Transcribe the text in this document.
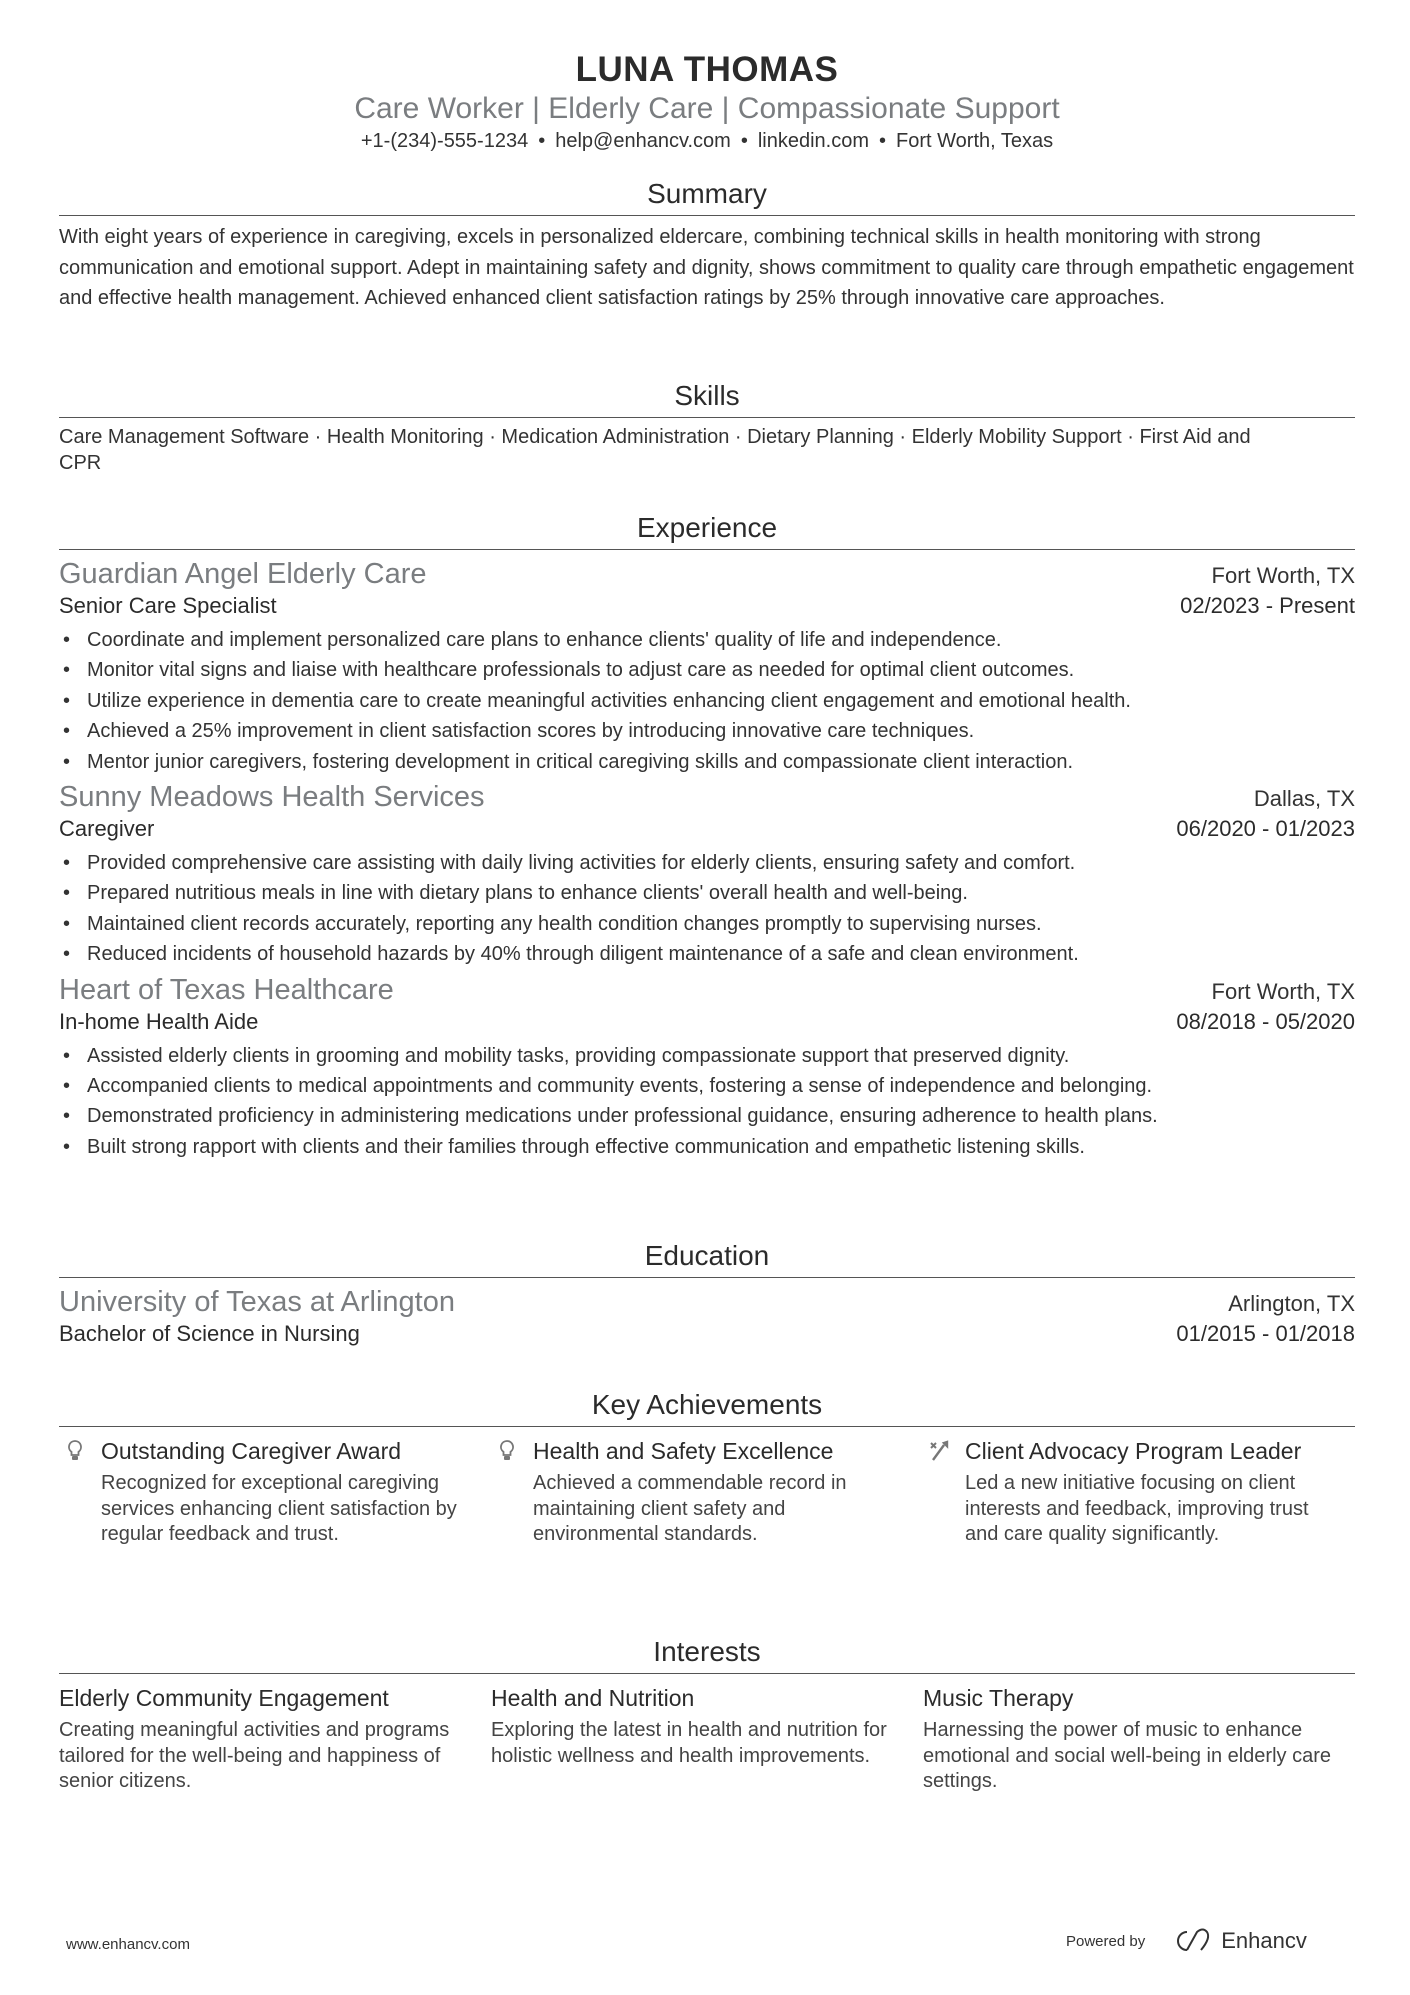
LUNA THOMAS
Care Worker | Elderly Care | Compassionate Support
+1-(234)-555-1234 • help@enhancv.com • linkedin.com • Fort Worth, Texas
Summary

With eight years of experience in caregiving, excels in personalized eldercare, combining technical skills in health monitoring with strong communication and emotional support. Adept in maintaining safety and dignity, shows commitment to quality care through empathetic engagement and effective health management. Achieved enhanced client satisfaction ratings by 25% through innovative care approaches.

Skills

Care Management Software · Health Monitoring · Medication Administration · Dietary Planning · Elderly Mobility Support · First Aid and CPR

Experience
Guardian Angel Elderly Care	Fort Worth, TX
Senior Care Specialist	02/2023 - Present
• Coordinate and implement personalized care plans to enhance clients' quality of life and independence.
• Monitor vital signs and liaise with healthcare professionals to adjust care as needed for optimal client outcomes.
• Utilize experience in dementia care to create meaningful activities enhancing client engagement and emotional health.
• Achieved a 25% improvement in client satisfaction scores by introducing innovative care techniques.
• Mentor junior caregivers, fostering development in critical caregiving skills and compassionate client interaction.
Sunny Meadows Health Services	Dallas, TX
Caregiver	06/2020 - 01/2023
• Provided comprehensive care assisting with daily living activities for elderly clients, ensuring safety and comfort.
• Prepared nutritious meals in line with dietary plans to enhance clients' overall health and well-being.
• Maintained client records accurately, reporting any health condition changes promptly to supervising nurses.
• Reduced incidents of household hazards by 40% through diligent maintenance of a safe and clean environment.
Heart of Texas Healthcare	Fort Worth, TX
In-home Health Aide	08/2018 - 05/2020
• Assisted elderly clients in grooming and mobility tasks, providing compassionate support that preserved dignity.
• Accompanied clients to medical appointments and community events, fostering a sense of independence and belonging.
• Demonstrated proficiency in administering medications under professional guidance, ensuring adherence to health plans.
• Built strong rapport with clients and their families through effective communication and empathetic listening skills.
Education
University of Texas at Arlington	Arlington, TX
Bachelor of Science in Nursing	01/2015 - 01/2018
Key Achievements
Outstanding Caregiver Award
Recognized for exceptional caregiving services enhancing client satisfaction by regular feedback and trust.
Health and Safety Excellence
Achieved a commendable record in maintaining client safety and environmental standards.
Client Advocacy Program Leader
Led a new initiative focusing on client interests and feedback, improving trust and care quality significantly.
Interests
Elderly Community Engagement
Creating meaningful activities and programs tailored for the well-being and happiness of senior citizens.
Health and Nutrition
Exploring the latest in health and nutrition for holistic wellness and health improvements.
Music Therapy
Harnessing the power of music to enhance emotional and social well-being in elderly care settings.
www.enhancv.com	Powered by	Enhancv
